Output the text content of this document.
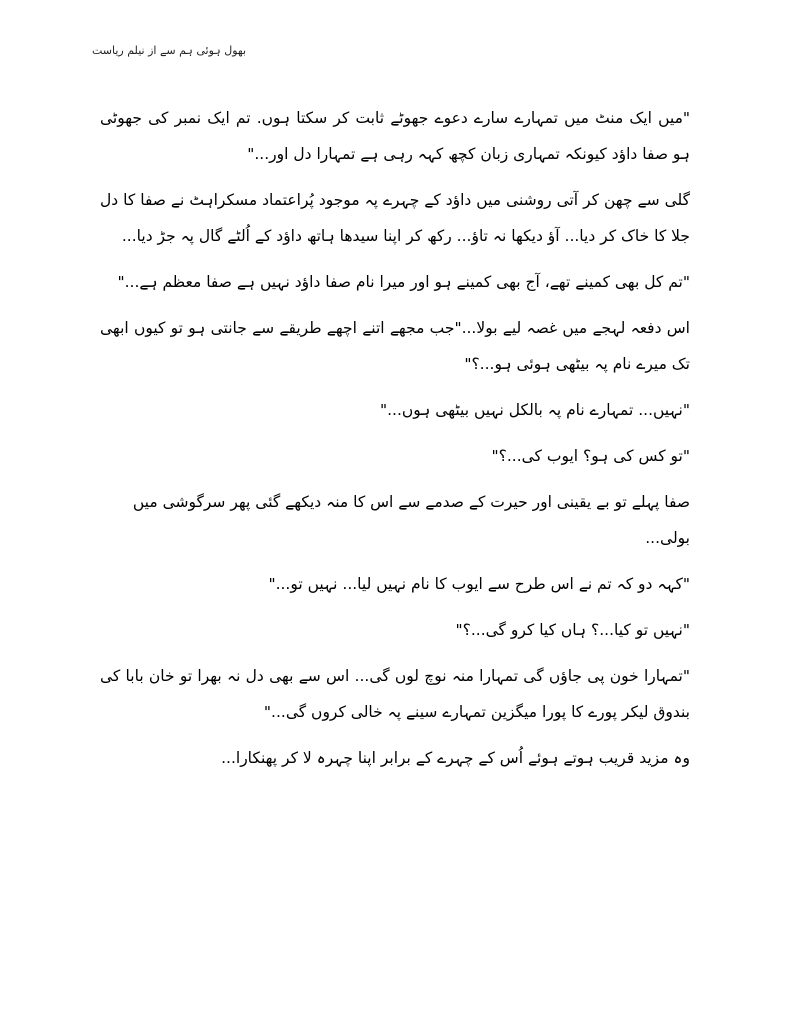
بھول ہوئی ہم سے از نیلم ریاست

"میں ایک منٹ میں تمہارے سارے دعوے جھوٹے ثابت کر سکتا ہوں. تم ایک نمبر کی جھوٹی ہو صفا داؤد کیونکہ تمہاری زبان کچھ کہہ رہی ہے تمہارا دل اور..."

گلی سے چھن کر آتی روشنی میں داؤد کے چہرے پہ موجود پُراعتماد مسکراہٹ نے صفا کا دل جلا کا خاک کر دیا... آؤ دیکھا نہ تاؤ... رکھ کر اپنا سیدھا ہاتھ داؤد کے اُلٹے گال پہ جڑ دیا...

"تم کل بھی کمینے تھے، آج بھی کمینے ہو اور میرا نام صفا داؤد نہیں ہے صفا معظم ہے..."

اس دفعہ لہجے میں غصہ لیے بولا..."جب مجھے اتنے اچھے طریقے سے جانتی ہو تو کیوں ابھی تک میرے نام پہ بیٹھی ہوئی ہو...؟"

"نہیں... تمہارے نام پہ بالکل نہیں بیٹھی ہوں..."

"تو کس کی ہو؟ ایوب کی...؟"

صفا پہلے تو بے یقینی اور حیرت کے صدمے سے اس کا منہ دیکھے گئی پھر سرگوشی میں بولی...

"کہہ دو کہ تم نے اس طرح سے ایوب کا نام نہیں لیا... نہیں تو..."

"نہیں تو کیا...؟ ہاں کیا کرو گی...؟"

"تمہارا خون پی جاؤں گی تمہارا منہ نوچ لوں گی... اس سے بھی دل نہ بھرا تو خان بابا کی بندوق لیکر پورے کا پورا میگزین تمہارے سینے پہ خالی کروں گی..."

وہ مزید قریب ہوتے ہوئے اُس کے چہرے کے برابر اپنا چہرہ لا کر پھنکارا...
